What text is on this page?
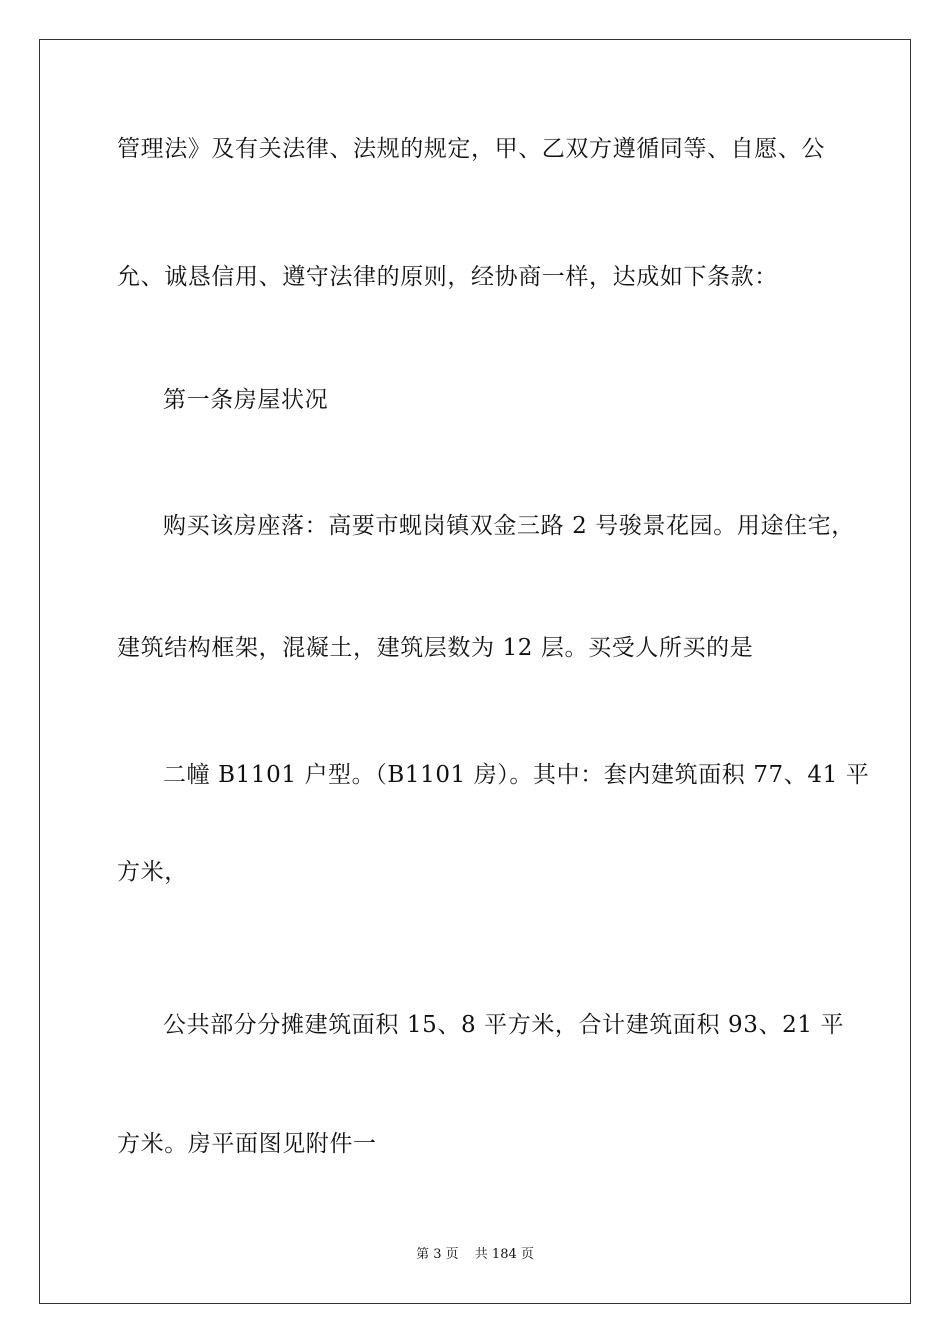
管理法》及有关法律、法规的规定，甲、乙双方遵循同等、自愿、公
允、诚恳信用、遵守法律的原则，经协商一样，达成如下条款：
第一条房屋状况
购买该房座落：高要市蚬岗镇双金三路 2 号骏景花园。用途住宅，
建筑结构框架，混凝土，建筑层数为 12 层。买受人所买的是
二幢 B1101 户型。（B1101 房）。其中：套内建筑面积 77、41 平
方米，
公共部分分摊建筑面积 15、8 平方米，合计建筑面积 93、21 平
方米。房平面图见附件一
第 3 页 共 184 页
